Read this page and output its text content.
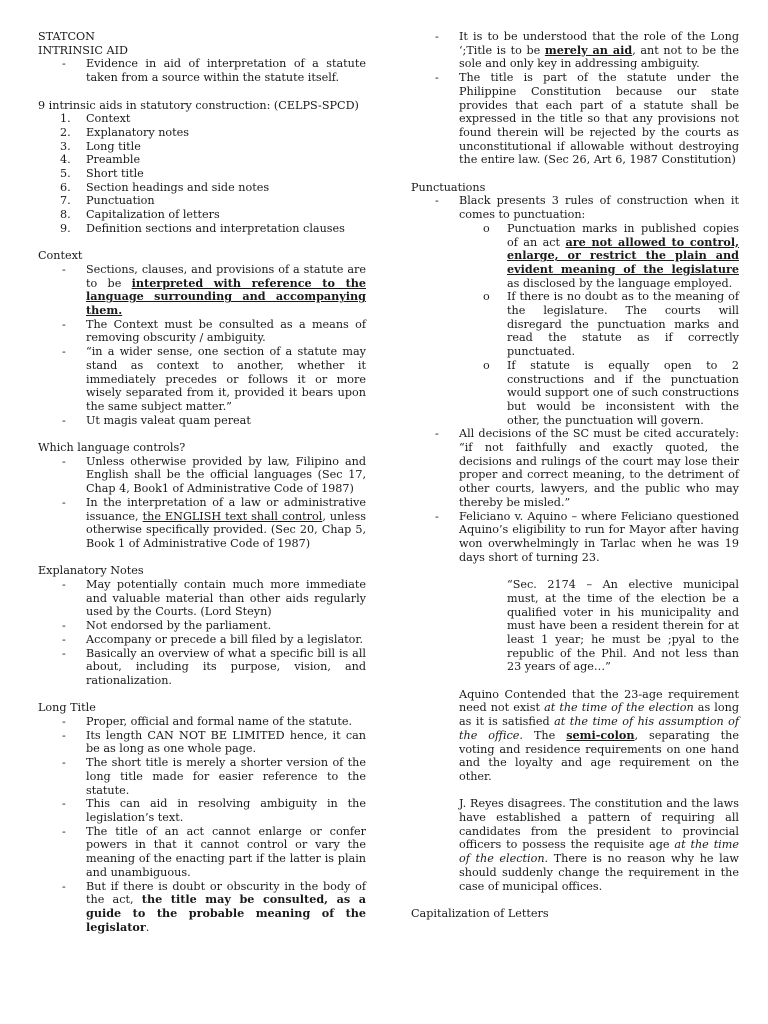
STATCON

INTRINSIC AID

- Evidence in aid of interpretation of a statute taken from a source within the statute itself.

9 intrinsic aids in statutory construction: (CELPS-SPCD)

1.	Context
2.	Explanatory notes
3.	Long title
4.	Preamble
5.	Short title
6.	Section headings and side notes
7.	Punctuation
8.	Capitalization of letters
9.	Definition sections and interpretation clauses

Context

- Sections, clauses, and provisions of a statute are to be interpreted with reference to the language surrounding and accompanying them.
- The Context must be consulted as a means of removing obscurity / ambiguity.
- “in a wider sense, one section of a statute may stand as context to another, whether it immediately precedes or follows it or more wisely separated from it, provided it bears upon the same subject matter.”
- Ut magis valeat quam pereat

Which language controls?

- Unless otherwise provided by law, Filipino and English shall be the official languages (Sec 17, Chap 4, Book1 of Administrative Code of 1987)
- In the interpretation of a law or administrative issuance, the ENGLISH text shall control, unless otherwise specifically provided. (Sec 20, Chap 5, Book 1 of Administrative Code of 1987)

Explanatory Notes

- May potentially contain much more immediate and valuable material than other aids regularly used by the Courts. (Lord Steyn)
- Not endorsed by the parliament.
- Accompany or precede a bill filed by a legislator.
- Basically an overview of what a specific bill is all about, including its purpose, vision, and rationalization.

Long Title

- Proper, official and formal name of the statute.
- Its length CAN NOT BE LIMITED hence, it can be as long as one whole page.
- The short title is merely a shorter version of the long title made for easier reference to the statute.
- This can aid in resolving ambiguity in the legislation’s text.
- The title of an act cannot enlarge or confer powers in that it cannot control or vary the meaning of the enacting part if the latter is plain and unambiguous.
- But if there is doubt or obscurity in the body of the act, the title may be consulted, as a guide to the probable meaning of the legislator.
- It is to be understood that the role of the Long ‘;Title is to be merely an aid, ant not to be the sole and only key in addressing ambiguity.
- The title is part of the statute under the Philippine Constitution because our state provides that each part of a statute shall be expressed in the title so that any provisions not found therein will be rejected by the courts as unconstitutional if allowable without destroying the entire law. (Sec 26, Art 6, 1987 Constitution)

Punctuations

- Black presents 3 rules of construction when it comes to punctuation:
o Punctuation marks in published copies of an act are not allowed to control, enlarge, or restrict the plain and evident meaning of the legislature as disclosed by the language employed.
o If there is no doubt as to the meaning of the legislature. The courts will disregard the punctuation marks and read the statute as if correctly punctuated.
o If statute is equally open to 2 constructions and if the punctuation would support one of such constructions but would be inconsistent with the other, the punctuation will govern.
- All decisions of the SC must be cited accurately: “if not faithfully and exactly quoted, the decisions and rulings of the court may lose their proper and correct meaning, to the detriment of other courts, lawyers, and the public who may thereby be misled.”
- Feliciano v. Aquino – where Feliciano questioned Aquino’s eligibility to run for Mayor after having won overwhelmingly in Tarlac when he was 19 days short of turning 23.

“Sec. 2174 – An elective municipal must, at the time of the election be a qualified voter in his municipality and must have been a resident therein for at least 1 year; he must be ;pyal to the republic of the Phil. And not less than 23 years of age…”

Aquino Contended that the 23-age requirement need not exist at the time of the election as long as it is satisfied at the time of his assumption of the office. The semi-colon, separating the voting and residence requirements on one hand and the loyalty and age requirement on the other.

J. Reyes disagrees. The constitution and the laws have established a pattern of requiring all candidates from the president to provincial officers to possess the requisite age at the time of the election. There is no reason why he law should suddenly change the requirement in the case of municipal offices.

Capitalization of Letters
